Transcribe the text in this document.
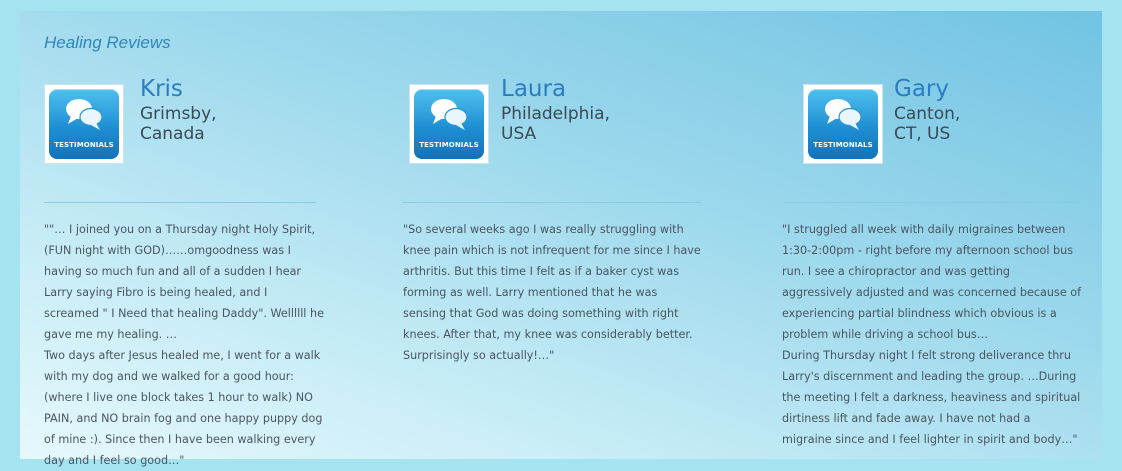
Healing Reviews
TESTIMONIALS
Kris
Grimsby, Canada

""… I joined you on a Thursday night Holy Spirit, (FUN night with GOD)……omgoodness was I having so much fun and all of a sudden I hear Larry saying Fibro is being healed, and I screamed " I Need that healing Daddy". Wellllll he gave me my healing. …

Two days after Jesus healed me, I went for a walk with my dog and we walked for a good hour: (where I live one block takes 1 hour to walk) NO PAIN, and NO brain fog and one happy puppy dog of mine :). Since then I have been walking every day and I feel so good…"

TESTIMONIALS
Laura
Philadelphia, USA

"So several weeks ago I was really struggling with knee pain which is not infrequent for me since I have arthritis. But this time I felt as if a baker cyst was forming as well. Larry mentioned that he was sensing that God was doing something with right knees. After that, my knee was considerably better. Surprisingly so actually!…"

TESTIMONIALS
Gary
Canton, CT, US

"I struggled all week with daily migraines between 1:30-2:00pm - right before my afternoon school bus run. I see a chiropractor and was getting aggressively adjusted and was concerned because of experiencing partial blindness which obvious is a problem while driving a school bus…

During Thursday night I felt strong deliverance thru Larry's discernment and leading the group. …During the meeting I felt a darkness, heaviness and spiritual dirtiness lift and fade away. I have not had a migraine since and I feel lighter in spirit and body…"
